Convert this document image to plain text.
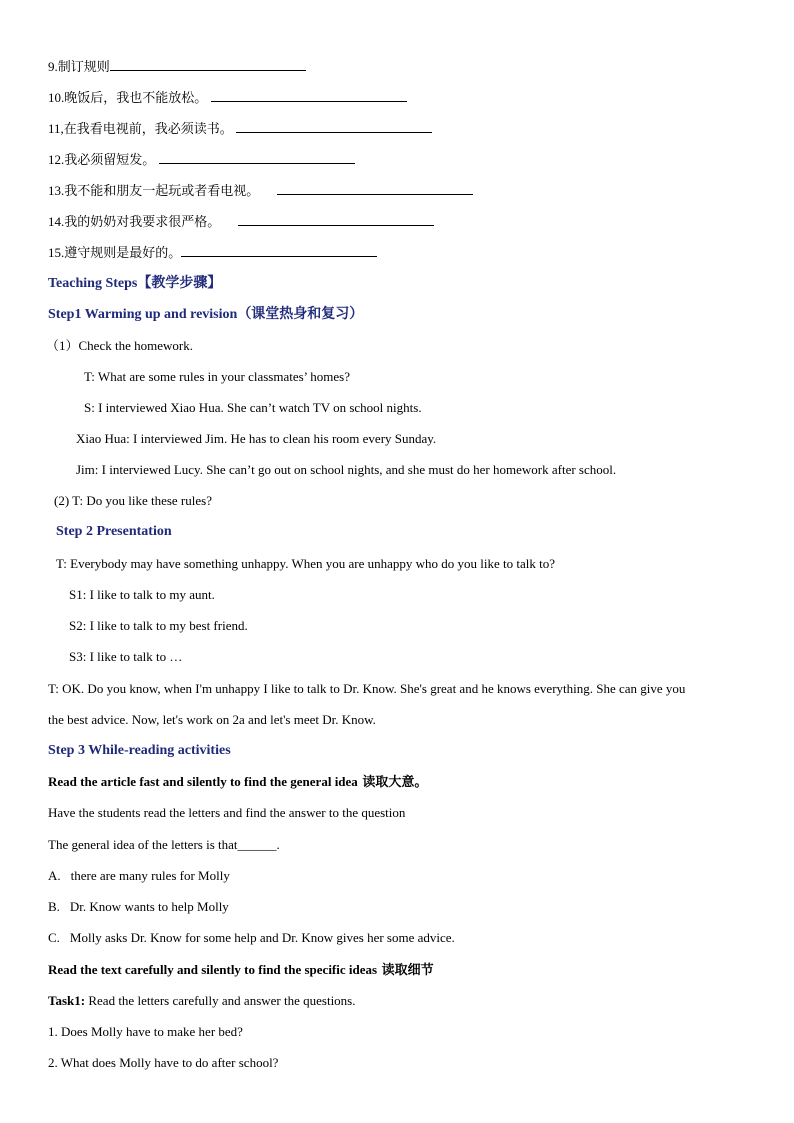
9.制订规则
10.晚饭后，我也不能放松。
11,在我看电视前，我必须读书。
12.我必须留短发。
13.我不能和朋友一起玩或者看电视。
14.我的奶奶对我要求很严格。
15.遵守规则是最好的。
Teaching Steps【教学步骤】
Step1 Warming up and revision（课堂热身和复习）
（1）Check the homework.
T: What are some rules in your classmates’ homes?
S: I interviewed Xiao Hua. She can’t watch TV on school nights.
Xiao Hua: I interviewed Jim. He has to clean his room every Sunday.
Jim: I interviewed Lucy. She can’t go out on school nights, and she must do her homework after school.
(2) T: Do you like these rules?
Step 2 Presentation
T: Everybody may have something unhappy. When you are unhappy who do you like to talk to?
S1: I like to talk to my aunt.
S2: I like to talk to my best friend.
S3: I like to talk to …
T: OK. Do you know, when I'm unhappy I like to talk to Dr. Know. She's great and he knows everything. She can give you
the best advice. Now, let's work on 2a and let's meet Dr. Know.
Step 3 While-reading activities
Read the article fast and silently to find the general idea 读取大意。
Have the students read the letters and find the answer to the question
The general idea of the letters is that______.
A. there are many rules for Molly
B. Dr. Know wants to help Molly
C. Molly asks Dr. Know for some help and Dr. Know gives her some advice.
Read the text carefully and silently to find the specific ideas 读取细节
Task1: Read the letters carefully and answer the questions.
1. Does Molly have to make her bed?
2. What does Molly have to do after school?
